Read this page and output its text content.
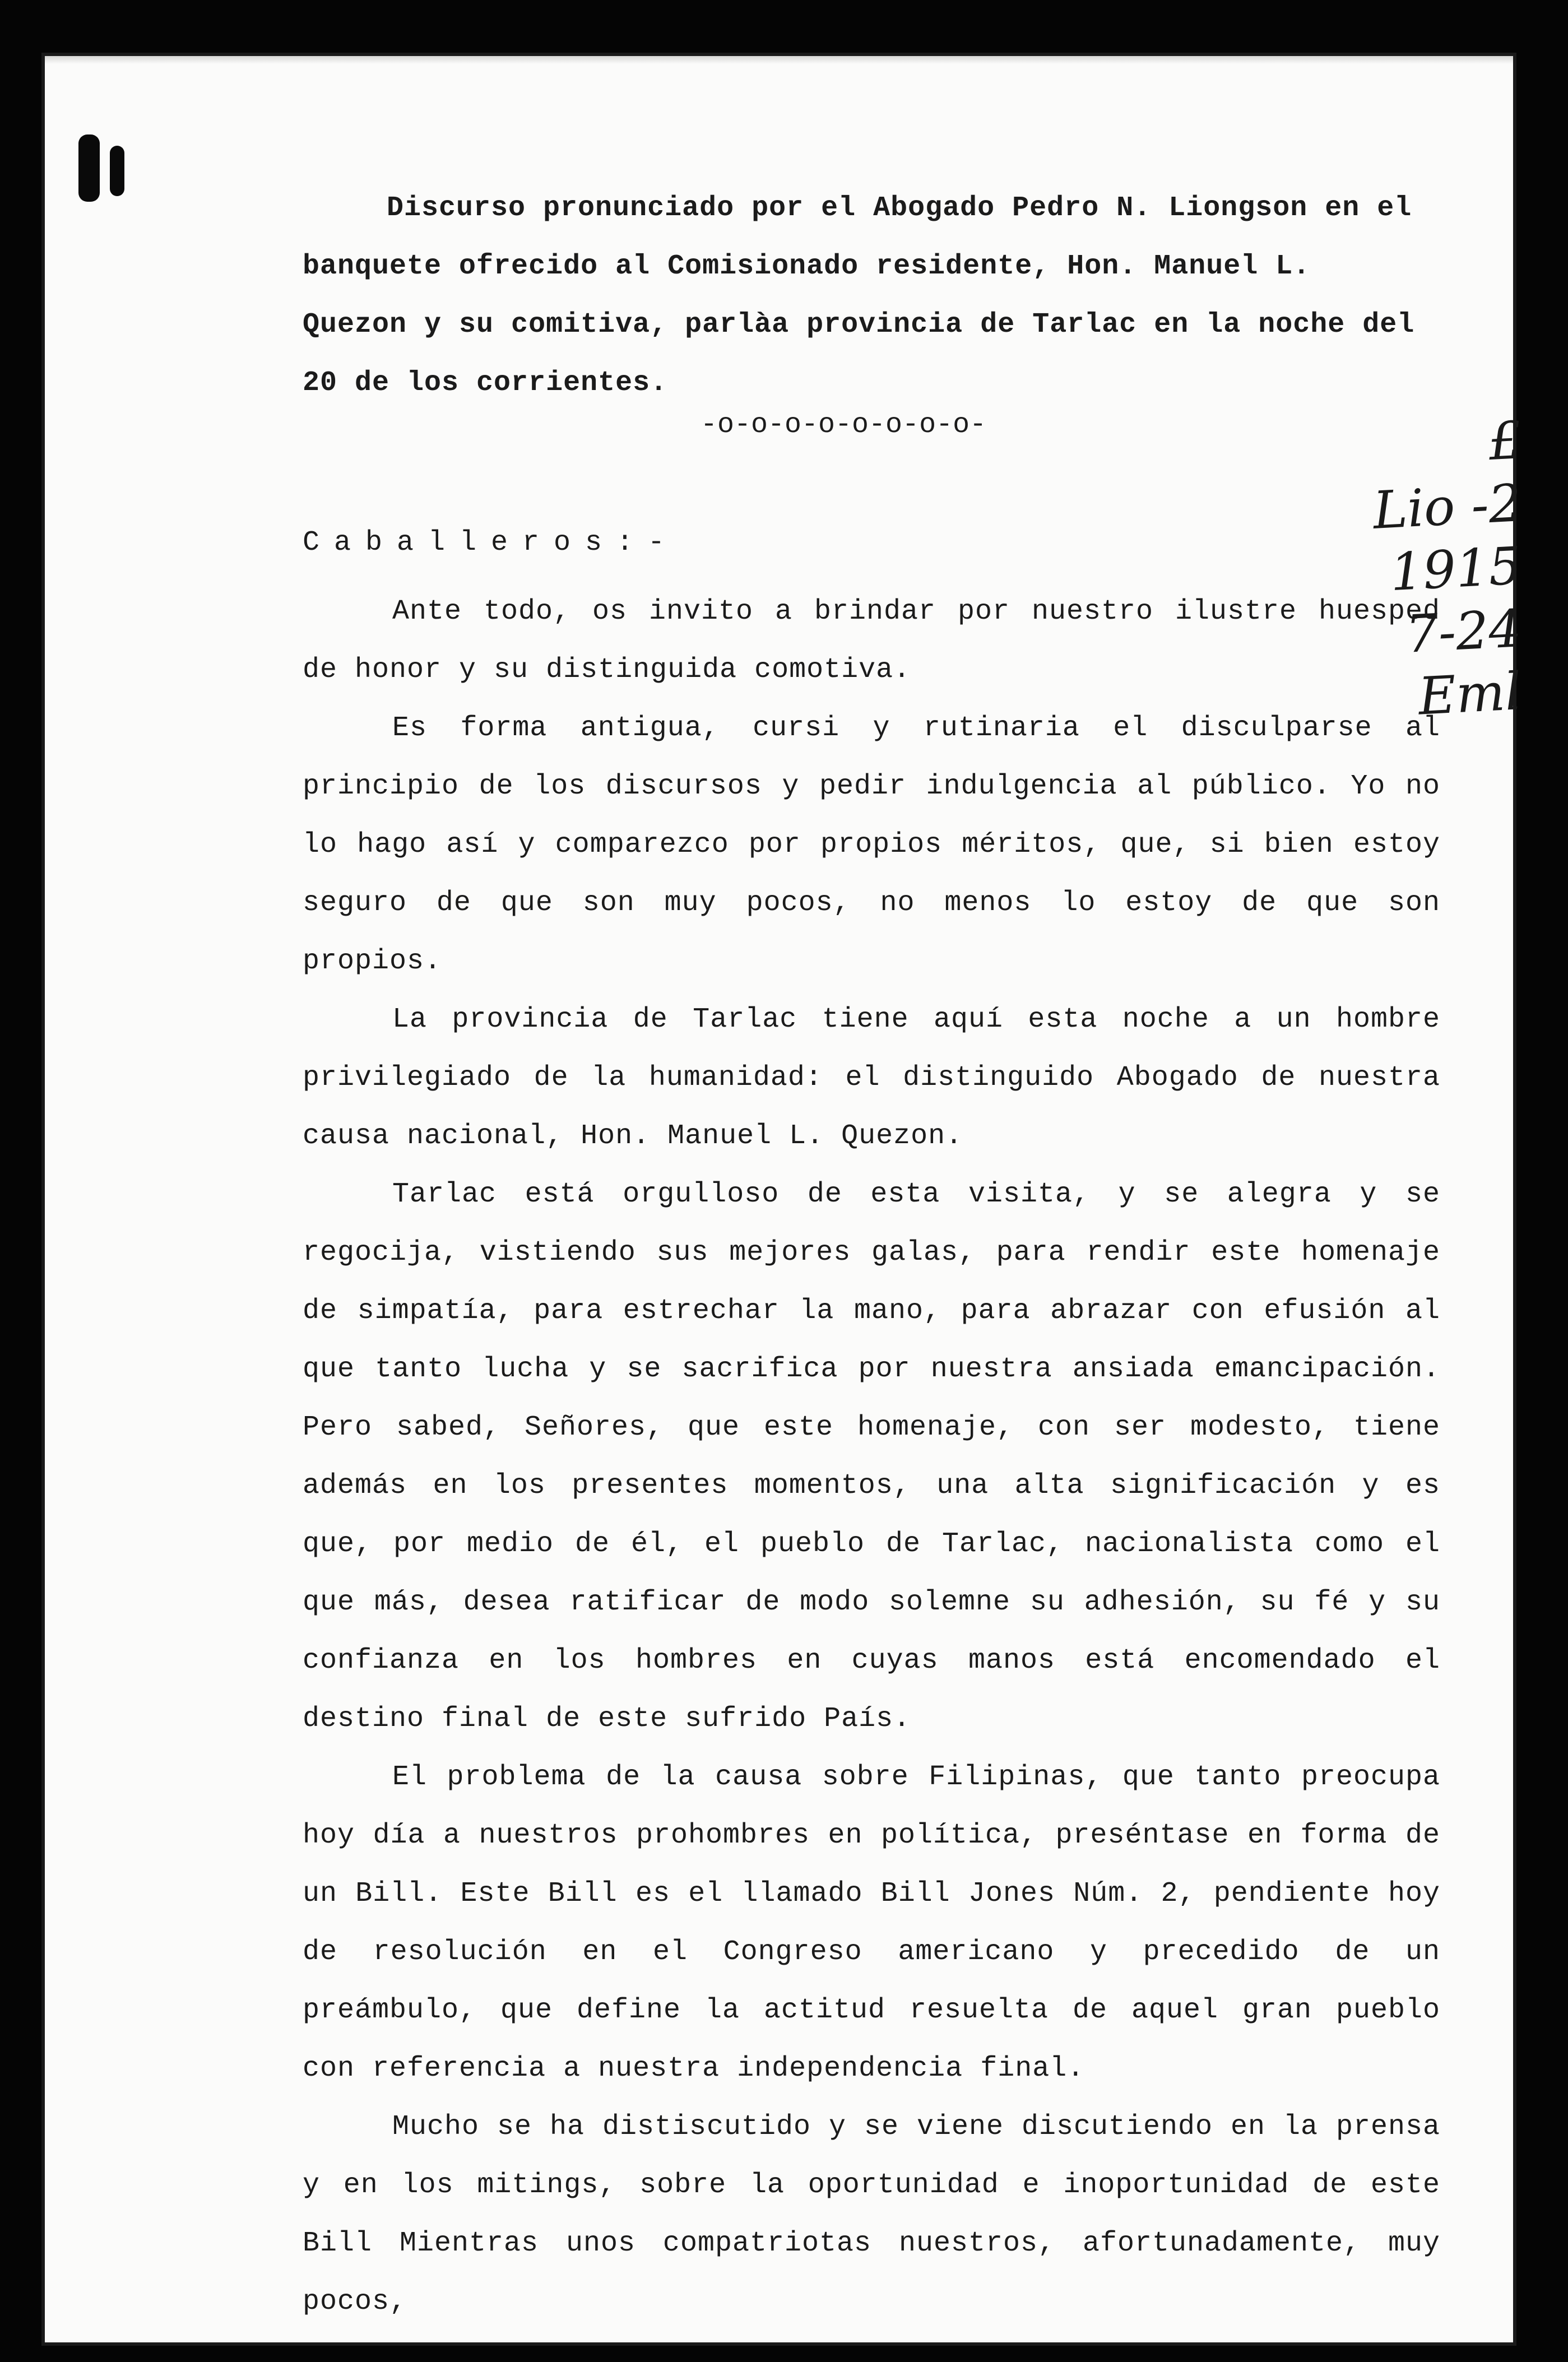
£
Lio -2
1915
7-24
Eml

Discurso pronunciado por el Abogado Pedro N. Liongson en el

banquete ofrecido al Comisionado residente, Hon. Manuel L.

Quezon y su comitiva, parlàa provincia de Tarlac en la noche del

20 de los corrientes.

-o-o-o-o-o-o-o-o-
Caballeros:-

Ante todo, os invito a brindar por nuestro ilustre huesped de honor y su distinguida comotiva.

Es forma antigua, cursi y rutinaria el disculparse al principio de los discursos y pedir indulgencia al público. Yo no lo hago así y comparezco por propios méritos, que, si bien estoy seguro de que son muy pocos, no menos lo estoy de que son propios.

La provincia de Tarlac tiene aquí esta noche a un hombre privilegiado de la humanidad: el distinguido Abogado de nuestra causa nacional, Hon. Manuel L. Quezon.

Tarlac está orgulloso de esta visita, y se alegra y se regocija, vistiendo sus mejores galas, para rendir este homenaje de simpatía, para estrechar la mano, para abrazar con efusión al que tanto lucha y se sacrifica por nuestra ansiada emancipación. Pero sabed, Señores, que este homenaje, con ser modesto, tiene además en los presentes momentos, una alta significación y es que, por medio de él, el pueblo de Tarlac, nacionalista como el que más, desea ratificar de modo solemne su adhesión, su fé y su confianza en los hombres en cuyas manos está encomendado el destino final de este sufrido País.

El problema de la causa sobre Filipinas, que tanto preocupa hoy día a nuestros prohombres en política, preséntase en forma de un Bill. Este Bill es el llamado Bill Jones Núm. 2, pendiente hoy de resolución en el Congreso americano y precedido de un preámbulo, que define la actitud resuelta de aquel gran pueblo con referencia a nuestra independencia final.

Mucho se ha distiscutido y se viene discutiendo en la prensa y en los mitings, sobre la oportunidad e inoportunidad de este Bill Mientras unos compatriotas nuestros, afortunadamente, muy pocos,
